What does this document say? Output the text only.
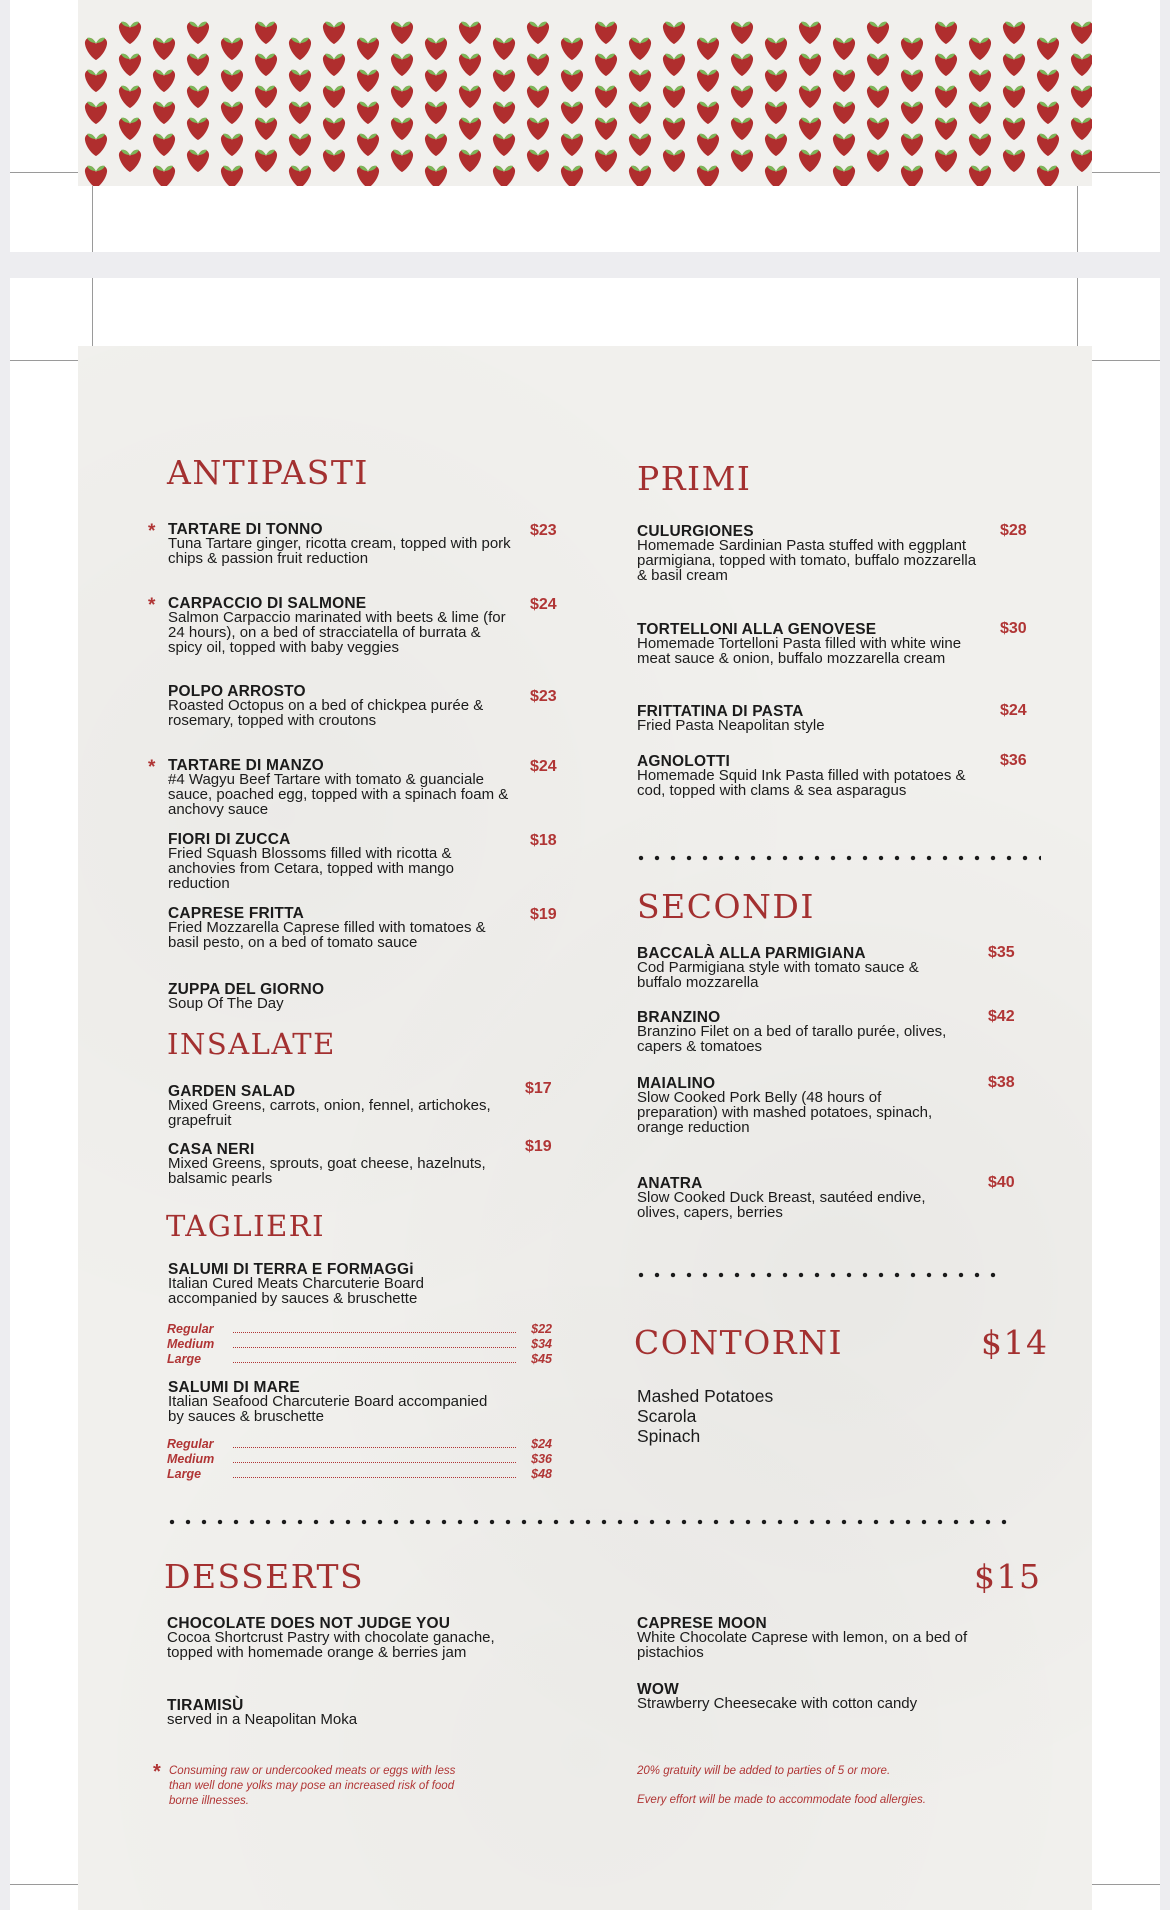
ANTIPASTI
* TARTARE DI TONNO
Tuna Tartare ginger, ricotta cream, topped with pork chips & passion fruit reduction
$23
* CARPACCIO DI SALMONE
Salmon Carpaccio marinated with beets & lime (for 24 hours), on a bed of stracciatella of burrata & spicy oil, topped with baby veggies
$24
POLPO ARROSTO
Roasted Octopus on a bed of chickpea purée & rosemary, topped with croutons
$23
* TARTARE DI MANZO
#4 Wagyu Beef Tartare with tomato & guanciale sauce, poached egg, topped with a spinach foam & anchovy sauce
$24
FIORI DI ZUCCA
Fried Squash Blossoms filled with ricotta & anchovies from Cetara, topped with mango reduction
$18
CAPRESE FRITTA
Fried Mozzarella Caprese filled with tomatoes & basil pesto, on a bed of tomato sauce
$19
ZUPPA DEL GIORNO
Soup Of The Day
INSALATE
GARDEN SALAD
Mixed Greens, carrots, onion, fennel, artichokes, grapefruit
$17
CASA NERI
Mixed Greens, sprouts, goat cheese, hazelnuts, balsamic pearls
$19
TAGLIERI
SALUMI DI TERRA E FORMAGGi
Italian Cured Meats Charcuterie Board accompanied by sauces & bruschette
Regular	$22
Medium	$34
Large	$45
SALUMI DI MARE
Italian Seafood Charcuterie Board accompanied by sauces & bruschette
Regular	$24
Medium	$36
Large	$48
PRIMI
CULURGIONES
Homemade Sardinian Pasta stuffed with eggplant parmigiana, topped with tomato, buffalo mozzarella & basil cream
$28
TORTELLONI ALLA GENOVESE
Homemade Tortelloni Pasta filled with white wine meat sauce & onion, buffalo mozzarella cream
$30
FRITTATINA DI PASTA
Fried Pasta Neapolitan style
$24
AGNOLOTTI
Homemade Squid Ink Pasta filled with potatoes & cod, topped with clams & sea asparagus
$36
SECONDI
BACCALÀ ALLA PARMIGIANA
Cod Parmigiana style with tomato sauce & buffalo mozzarella
$35
BRANZINO
Branzino Filet on a bed of tarallo purée, olives, capers & tomatoes
$42
MAIALINO
Slow Cooked Pork Belly (48 hours of preparation) with mashed potatoes, spinach, orange reduction
$38
ANATRA
Slow Cooked Duck Breast, sautéed endive, olives, capers, berries
$40
CONTORNI	$14
Mashed Potatoes
Scarola
Spinach
DESSERTS	$15
CHOCOLATE DOES NOT JUDGE YOU
Cocoa Shortcrust Pastry with chocolate ganache, topped with homemade orange & berries jam
TIRAMISÙ
served in a Neapolitan Moka
CAPRESE MOON
White Chocolate Caprese with lemon, on a bed of pistachios
WOW
Strawberry Cheesecake with cotton candy
* Consuming raw or undercooked meats or eggs with less than well done yolks may pose an increased risk of food borne illnesses.
20% gratuity will be added to parties of 5 or more.
Every effort will be made to accommodate food allergies.
